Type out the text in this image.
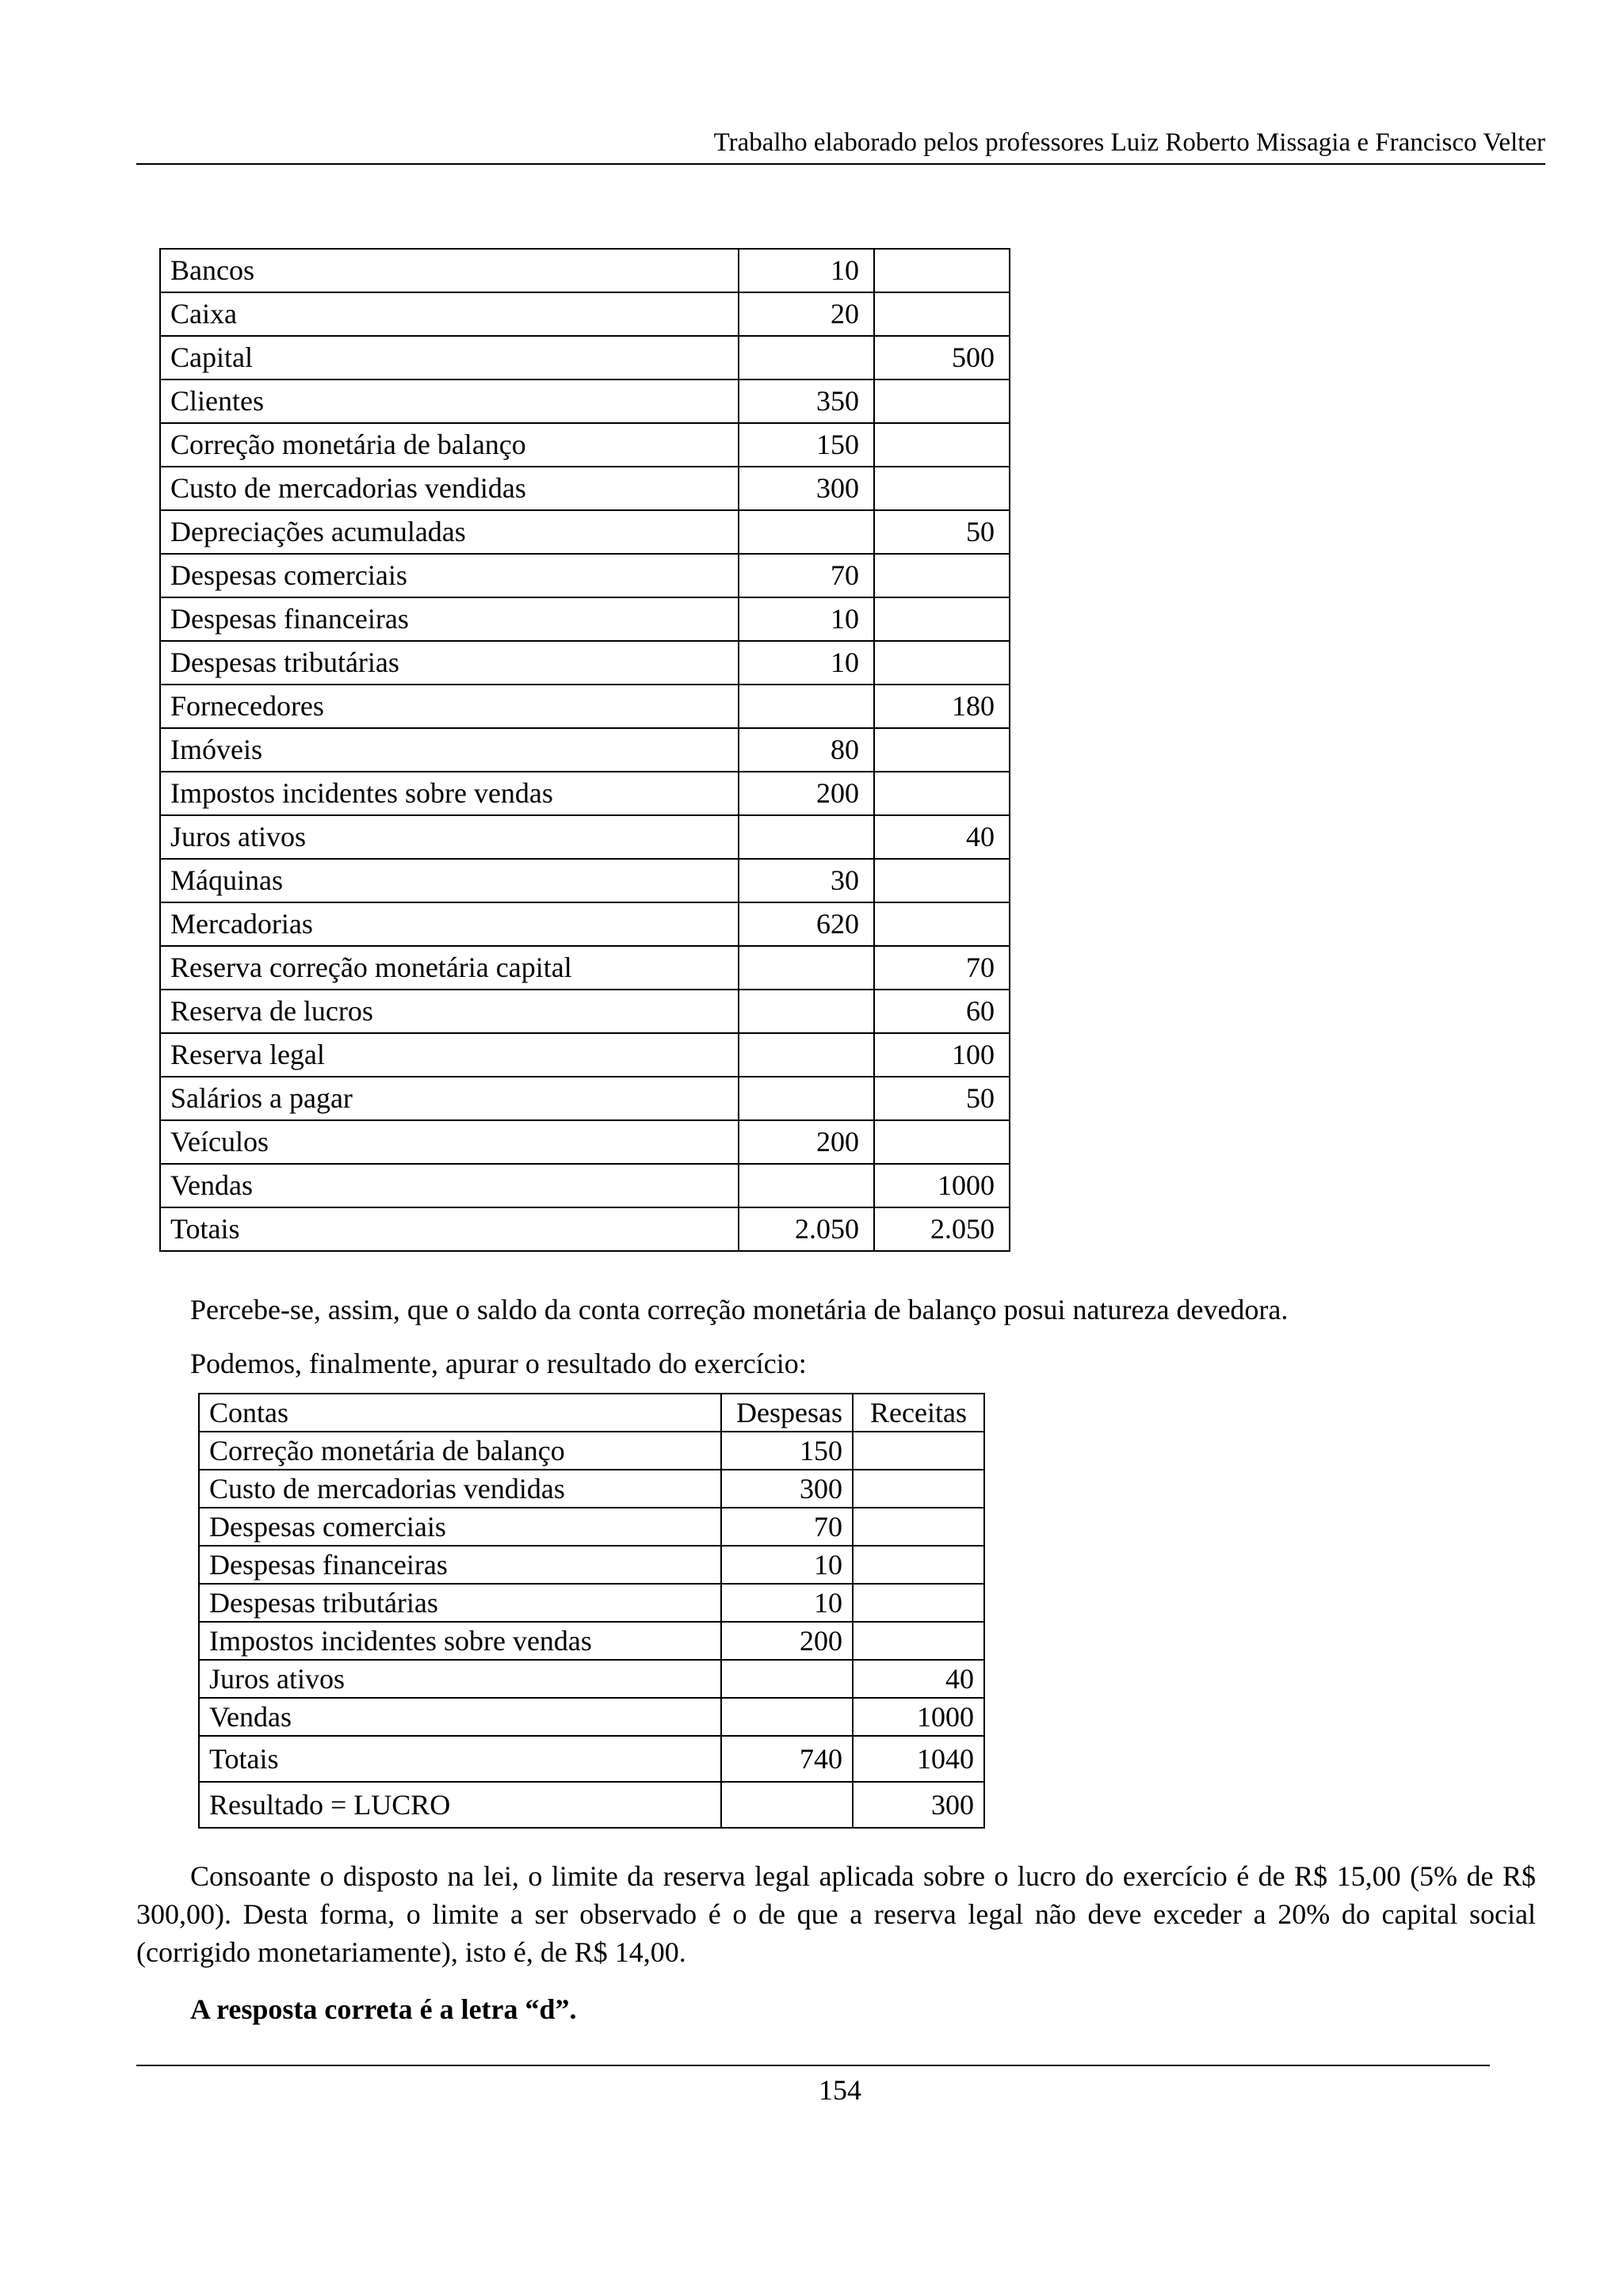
Trabalho elaborado pelos professores Luiz Roberto Missagia e Francisco Velter
Bancos	10	
Caixa	20	
Capital		500
Clientes	350	
Correção monetária de balanço	150	
Custo de mercadorias vendidas	300	
Depreciações acumuladas		50
Despesas comerciais	70	
Despesas financeiras	10	
Despesas tributárias	10	
Fornecedores		180
Imóveis	80	
Impostos incidentes sobre vendas	200	
Juros ativos		40
Máquinas	30	
Mercadorias	620	
Reserva correção monetária capital		70
Reserva de lucros		60
Reserva legal		100
Salários a pagar		50
Veículos	200	
Vendas		1000
Totais	2.050	2.050
Percebe-se, assim, que o saldo da conta correção monetária de balanço posui natureza devedora.
Podemos, finalmente, apurar o resultado do exercício:
Contas	Despesas	Receitas
Correção monetária de balanço	150	
Custo de mercadorias vendidas	300	
Despesas comerciais	70	
Despesas financeiras	10	
Despesas tributárias	10	
Impostos incidentes sobre vendas	200	
Juros ativos		40
Vendas		1000
Totais	740	1040
Resultado = LUCRO		300
Consoante o disposto na lei, o limite da reserva legal aplicada sobre o lucro do exercício é de R$ 15,00 (5% de R$ 300,00). Desta forma, o limite a ser observado é o de que a reserva legal não deve exceder a 20% do capital social (corrigido monetariamente), isto é, de R$ 14,00.
A resposta correta é a letra “d”.
154
